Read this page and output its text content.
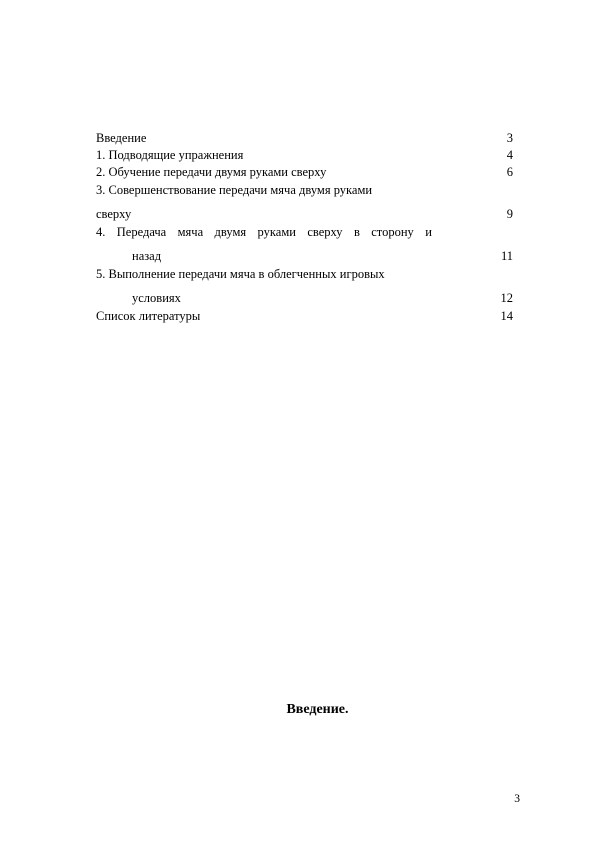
Введение	3
1. Подводящие упражнения	4
2. Обучение передачи двумя руками сверху	6
3. Совершенствование передачи мяча двумя руками
сверху	9
4. Передача мяча двумя руками сверху в сторону и
назад	11
5. Выполнение передачи мяча в облегченных игровых
условиях	12
Список литературы	14
Введение.
3
